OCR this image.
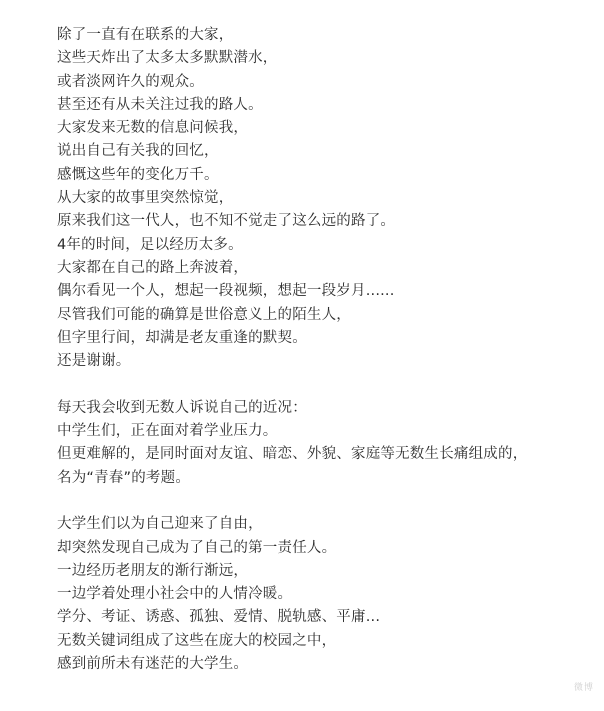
除了一直有在联系的大家，
这些天炸出了太多太多默默潜水，
或者淡网许久的观众。
甚至还有从未关注过我的路人。
大家发来无数的信息问候我，
说出自己有关我的回忆，
感慨这些年的变化万千。
从大家的故事里突然惊觉，
原来我们这一代人，也不知不觉走了这么远的路了。
4年的时间，足以经历太多。
大家都在自己的路上奔波着，
偶尔看见一个人，想起一段视频，想起一段岁月......
尽管我们可能的确算是世俗意义上的陌生人，
但字里行间，却满是老友重逢的默契。
还是谢谢。
每天我会收到无数人诉说自己的近况：
中学生们，正在面对着学业压力。
但更难解的，是同时面对友谊、暗恋、外貌、家庭等无数生长痛组成的，
名为“青春”的考题。
大学生们以为自己迎来了自由，
却突然发现自己成为了自己的第一责任人。
一边经历老朋友的渐行渐远，
一边学着处理小社会中的人情冷暖。
学分、考证、诱惑、孤独、爱情、脱轨感、平庸...
无数关键词组成了这些在庞大的校园之中，
感到前所未有迷茫的大学生。
微博
